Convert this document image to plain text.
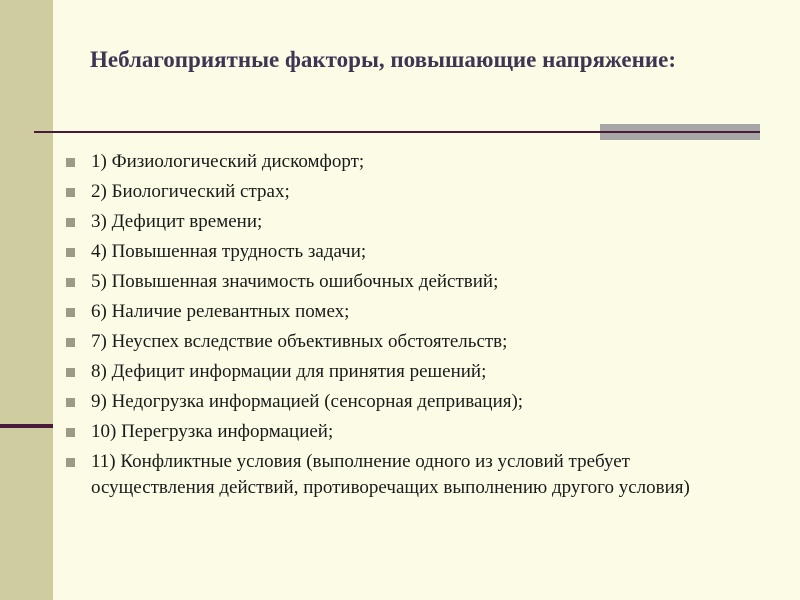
Неблагоприятные факторы, повышающие напряжение:
1) Физиологический дискомфорт;
2) Биологический страх;
3) Дефицит времени;
4) Повышенная трудность задачи;
5) Повышенная значимость ошибочных действий;
6) Наличие релевантных помех;
7) Неуспех вследствие объективных обстоятельств;
8) Дефицит информации для принятия решений;
9) Недогрузка информацией (сенсорная депривация);
10) Перегрузка информацией;
11) Конфликтные условия (выполнение одного из условий требует осуществления действий, противоречащих выполнению другого условия)
